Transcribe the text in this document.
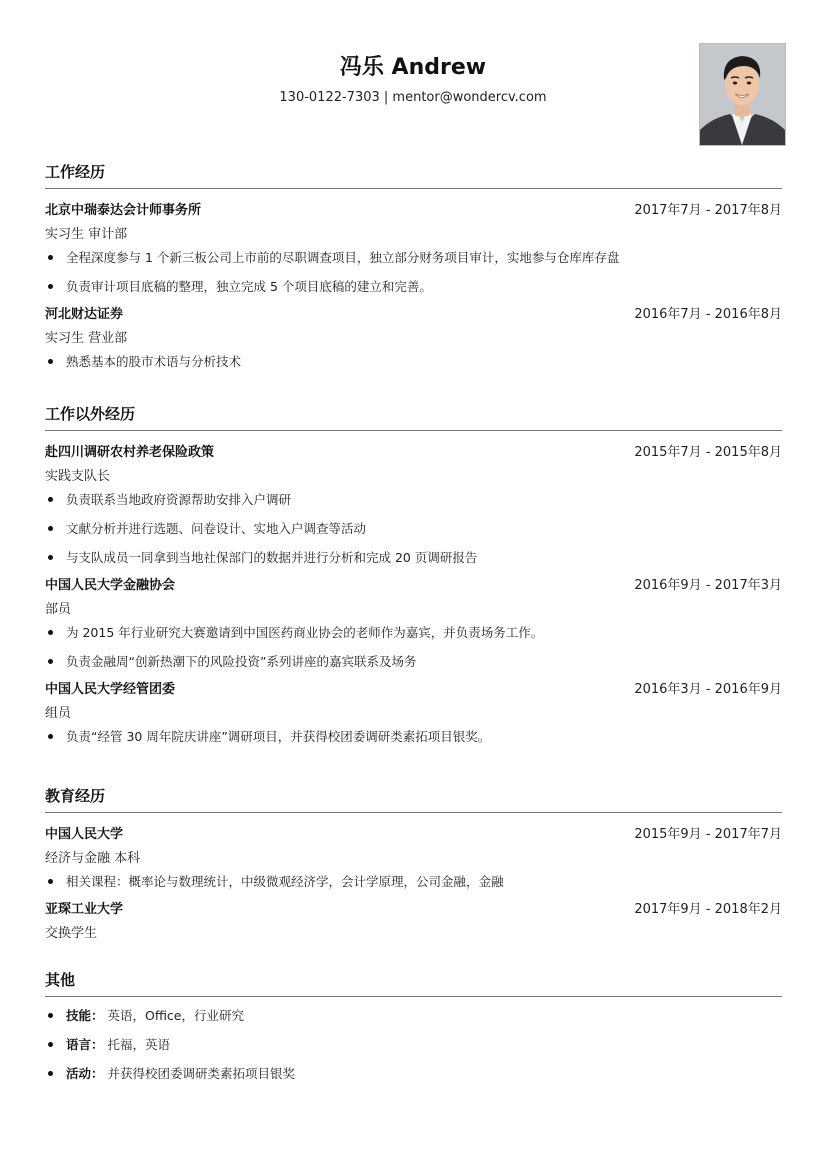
冯乐 Andrew
130-0122-7303 | mentor@wondercv.com
工作经历
北京中瑞泰达会计师事务所	2017年7月 - 2017年8月
实习生 审计部
全程深度参与 1 个新三板公司上市前的尽职调查项目，独立部分财务项目审计，实地参与仓库库存盘
负责审计项目底稿的整理，独立完成 5 个项目底稿的建立和完善。
河北财达证券	2016年7月 - 2016年8月
实习生 营业部
熟悉基本的股市术语与分析技术
工作以外经历
赴四川调研农村养老保险政策	2015年7月 - 2015年8月
实践支队长
负责联系当地政府资源帮助安排入户调研
文献分析并进行选题、问卷设计、实地入户调查等活动
与支队成员一同拿到当地社保部门的数据并进行分析和完成 20 页调研报告
中国人民大学金融协会	2016年9月 - 2017年3月
部员
为 2015 年行业研究大赛邀请到中国医药商业协会的老师作为嘉宾，并负责场务工作。
负责金融周“创新热潮下的风险投资”系列讲座的嘉宾联系及场务
中国人民大学经管团委	2016年3月 - 2016年9月
组员
负责“经管 30 周年院庆讲座”调研项目，并获得校团委调研类素拓项目银奖。
教育经历
中国人民大学	2015年9月 - 2017年7月
经济与金融 本科
相关课程：概率论与数理统计，中级微观经济学，会计学原理，公司金融，金融
亚琛工业大学	2017年9月 - 2018年2月
交换学生
其他
技能： 英语，Office，行业研究
语言： 托福，英语
活动： 并获得校团委调研类素拓项目银奖
